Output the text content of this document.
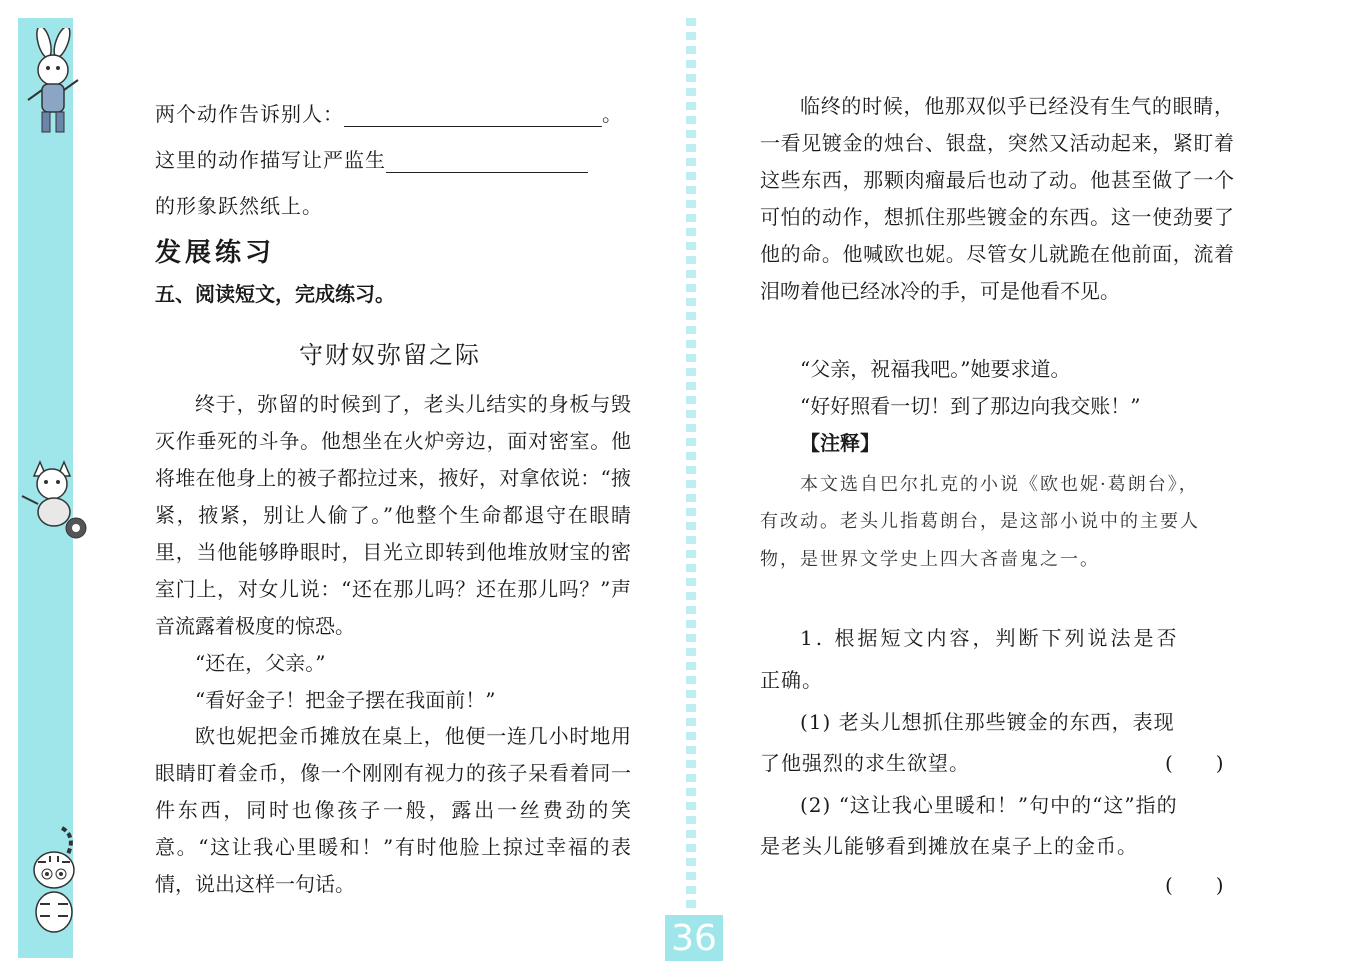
两个动作告诉别人：	。
这里的动作描写让严监生
的形象跃然纸上。
发展练习
五、阅读短文，完成练习。
守财奴弥留之际
终于，弥留的时候到了，老头儿结实的身板与毁灭作垂死的斗争。他想坐在火炉旁边，面对密室。他将堆在他身上的被子都拉过来，掖好，对拿依说：“掖紧，掖紧，别让人偷了。”他整个生命都退守在眼睛里，当他能够睁眼时，目光立即转到他堆放财宝的密室门上，对女儿说：“还在那儿吗？还在那儿吗？”声音流露着极度的惊恐。
“还在，父亲。”
“看好金子！把金子摆在我面前！”
欧也妮把金币摊放在桌上，他便一连几小时地用眼睛盯着金币，像一个刚刚有视力的孩子呆看着同一件东西，同时也像孩子一般，露出一丝费劲的笑意。“这让我心里暖和！”有时他脸上掠过幸福的表情，说出这样一句话。
临终的时候，他那双似乎已经没有生气的眼睛，一看见镀金的烛台、银盘，突然又活动起来，紧盯着这些东西，那颗肉瘤最后也动了动。他甚至做了一个可怕的动作，想抓住那些镀金的东西。这一使劲要了他的命。他喊欧也妮。尽管女儿就跪在他前面，流着泪吻着他已经冰冷的手，可是他看不见。
“父亲，祝福我吧。”她要求道。
“好好照看一切！到了那边向我交账！”
【注释】
本文选自巴尔扎克的小说《欧也妮·葛朗台》，
有改动。老头儿指葛朗台，是这部小说中的主要人
物，是世界文学史上四大吝啬鬼之一。
1. 根据短文内容，判断下列说法是否
正确。
(1) 老头儿想抓住那些镀金的东西，表现
了他强烈的求生欲望。	(　　)
(2) “这让我心里暖和！”句中的“这”指的
是老头儿能够看到摊放在桌子上的金币。
(　　)
36
